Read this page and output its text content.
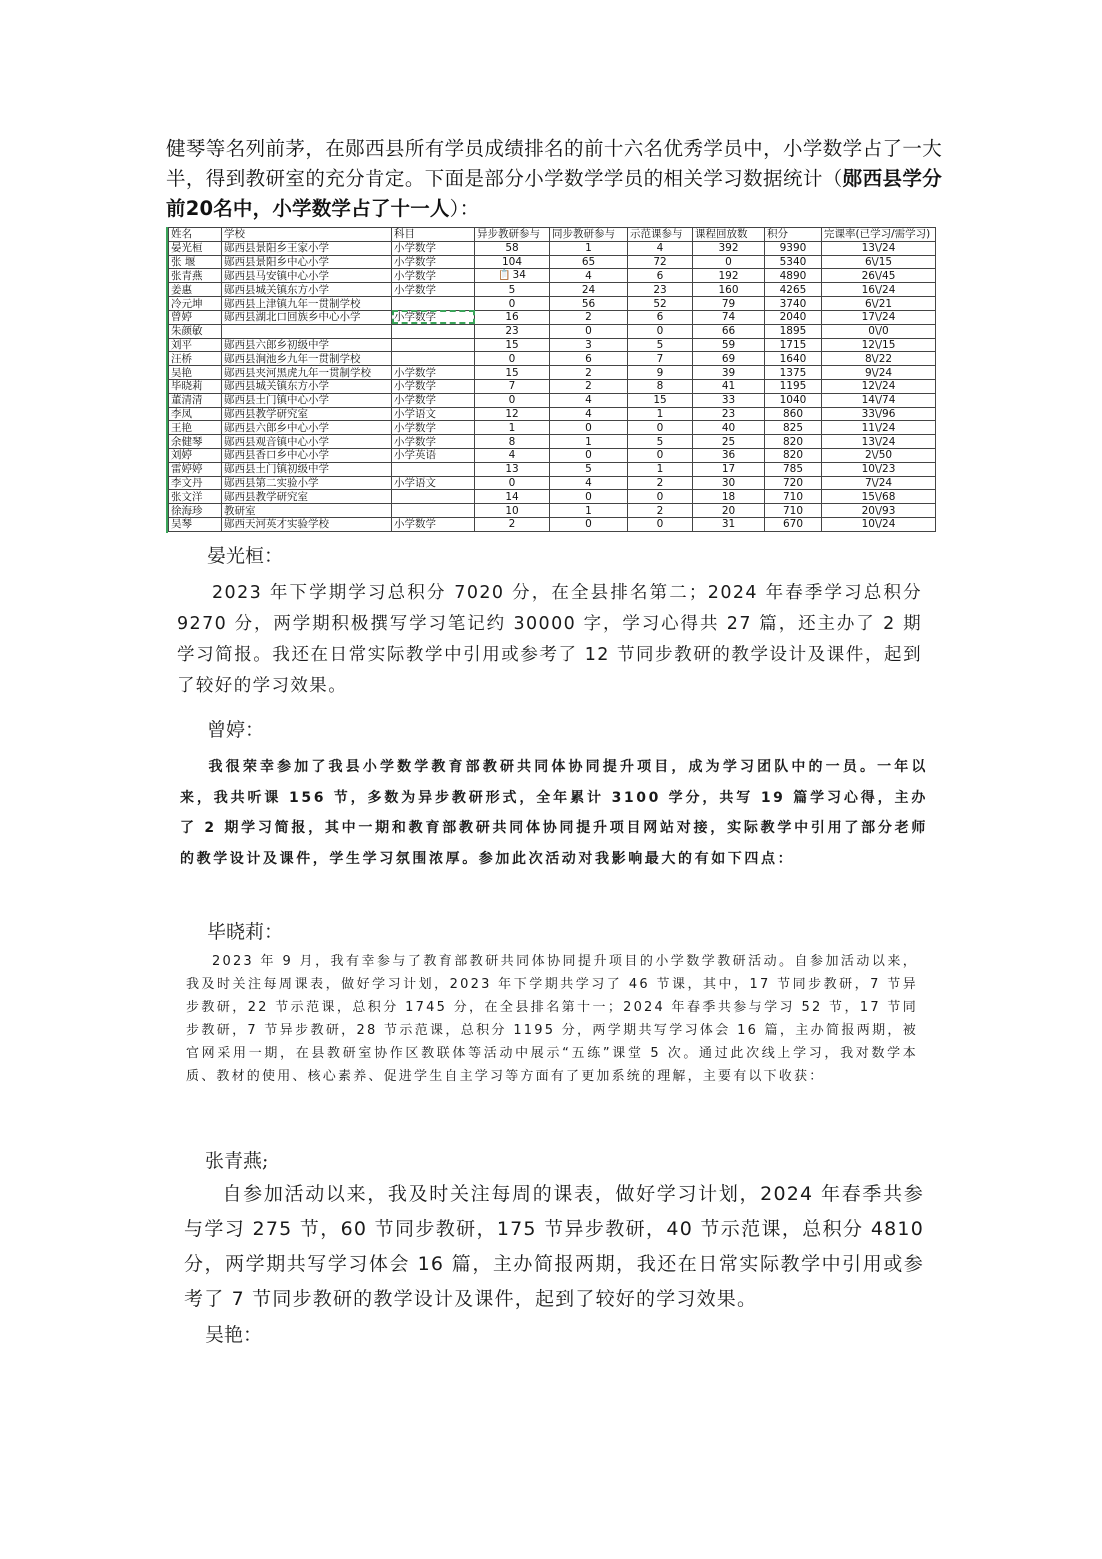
健琴等名列前茅，在郧西县所有学员成绩排名的前十六名优秀学员中，小学数学占了一大半，得到教研室的充分肯定。下面是部分小学数学学员的相关学习数据统计（郧西县学分前20名中，小学数学占了十一人）：
姓名	学校	科目	异步教研参与	同步教研参与	示范课参与	课程回放数	积分	完课率(已学习/需学习)
晏光桓	郧西县景阳乡王家小学	小学数学	58	1	4	392	9390	13\/24
张 堰	郧西县景阳乡中心小学	小学数学	104	65	72	0	5340	6\/15
张青燕	郧西县马安镇中心小学	小学数学	📋 34	4	6	192	4890	26\/45
姜惠	郧西县城关镇东方小学	小学数学	5	24	23	160	4265	16\/24
冷元坤	郧西县上津镇九年一贯制学校		0	56	52	79	3740	6\/21
曾婷	郧西县湖北口回族乡中心小学	小学数学	16	2	6	74	2040	17\/24
朱颜敏			23	0	0	66	1895	0\/0
刘平	郧西县六郎乡初级中学		15	3	5	59	1715	12\/15
汪桥	郧西县涧池乡九年一贯制学校		0	6	7	69	1640	8\/22
吴艳	郧西县夹河黑虎九年一贯制学校	小学数学	15	2	9	39	1375	9\/24
毕晓莉	郧西县城关镇东方小学	小学数学	7	2	8	41	1195	12\/24
董清清	郧西县土门镇中心小学	小学数学	0	4	15	33	1040	14\/74
李凤	郧西县教学研究室	小学语文	12	4	1	23	860	33\/96
王艳	郧西县六郎乡中心小学	小学数学	1	0	0	40	825	11\/24
余健琴	郧西县观音镇中心小学	小学数学	8	1	5	25	820	13\/24
刘婷	郧西县香口乡中心小学	小学英语	4	0	0	36	820	2\/50
雷婷婷	郧西县土门镇初级中学		13	5	1	17	785	10\/23
李文丹	郧西县第二实验小学	小学语文	0	4	2	30	720	7\/24
张文洋	郧西县教学研究室		14	0	0	18	710	15\/68
徐海珍	教研室		10	1	2	20	710	20\/93
吴琴	郧西天河英才实验学校	小学数学	2	0	0	31	670	10\/24
晏光桓：
2023 年下学期学习总积分 7020 分，在全县排名第二；2024 年春季学习总积分 9270 分，两学期积极撰写学习笔记约 30000 字，学习心得共 27 篇，还主办了 2 期学习简报。我还在日常实际教学中引用或参考了 12 节同步教研的教学设计及课件，起到了较好的学习效果。
曾婷：
我很荣幸参加了我县小学数学教育部教研共同体协同提升项目，成为学习团队中的一员。一年以来，我共听课 156 节，多数为异步教研形式，全年累计 3100 学分，共写 19 篇学习心得，主办了 2 期学习简报，其中一期和教育部教研共同体协同提升项目网站对接，实际教学中引用了部分老师的教学设计及课件，学生学习氛围浓厚。参加此次活动对我影响最大的有如下四点：
毕晓莉：
2023 年 9 月，我有幸参与了教育部教研共同体协同提升项目的小学数学教研活动。自参加活动以来，我及时关注每周课表，做好学习计划，2023 年下学期共学习了 46 节课，其中，17 节同步教研，7 节异步教研，22 节示范课，总积分 1745 分，在全县排名第十一；2024 年春季共参与学习 52 节，17 节同步教研，7 节异步教研，28 节示范课，总积分 1195 分，两学期共写学习体会 16 篇，主办简报两期，被官网采用一期，在县教研室协作区教联体等活动中展示“五练”课堂 5 次。通过此次线上学习，我对数学本质、教材的使用、核心素养、促进学生自主学习等方面有了更加系统的理解，主要有以下收获：
张青燕;
自参加活动以来，我及时关注每周的课表，做好学习计划，2024 年春季共参与学习 275 节，60 节同步教研，175 节异步教研，40 节示范课，总积分 4810 分，两学期共写学习体会 16 篇，主办简报两期，我还在日常实际教学中引用或参考了 7 节同步教研的教学设计及课件，起到了较好的学习效果。
吴艳：
